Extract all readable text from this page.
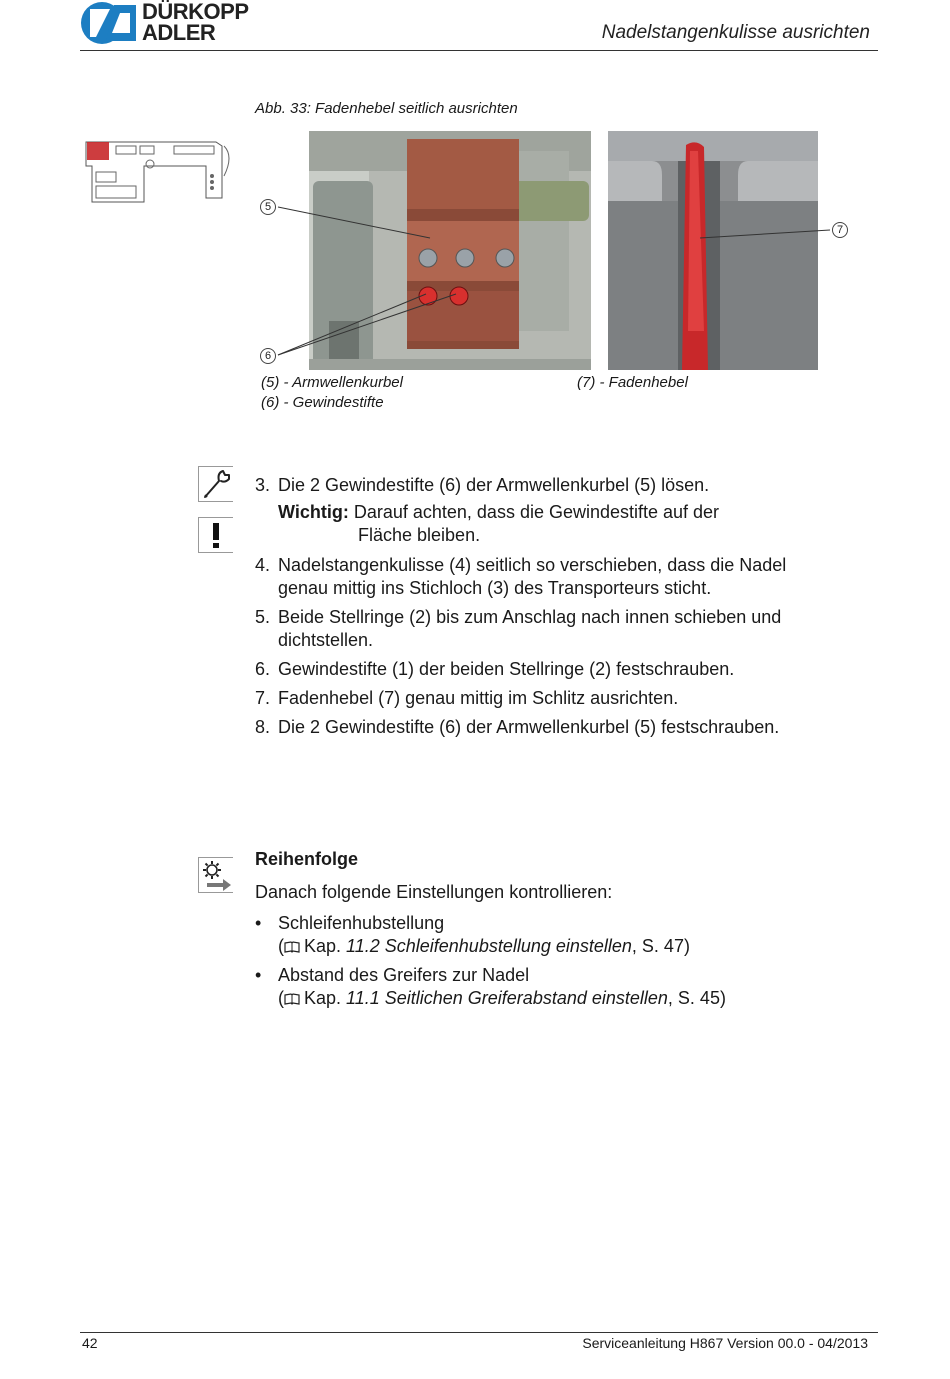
DÜRKOPP
ADLER	Nadelstangenkulisse ausrichten
Abb. 33: Fadenhebel seitlich ausrichten
5
6
7
(5) - Armwellenkurbel
(6) - Gewindestifte
(7) - Fadenhebel
3. Die 2 Gewindestifte (6) der Armwellenkurbel (5) lösen.
Wichtig: Darauf achten, dass die Gewindestifte auf der
Fläche bleiben.
4. Nadelstangenkulisse (4) seitlich so verschieben, dass die Nadel genau mittig ins Stichloch (3) des Transporteurs sticht.
5. Beide Stellringe (2) bis zum Anschlag nach innen schieben und dichtstellen.
6. Gewindestifte (1) der beiden Stellringe (2) festschrauben.
7. Fadenhebel (7) genau mittig im Schlitz ausrichten.
8. Die 2 Gewindestifte (6) der Armwellenkurbel (5) festschrauben.
Reihenfolge
Danach folgende Einstellungen kontrollieren:
• Schleifenhubstellung
( Kap. 11.2 Schleifenhubstellung einstellen, S. 47)
• Abstand des Greifers zur Nadel
( Kap. 11.1 Seitlichen Greiferabstand einstellen, S. 45)
42	Serviceanleitung H867 Version 00.0 - 04/2013
